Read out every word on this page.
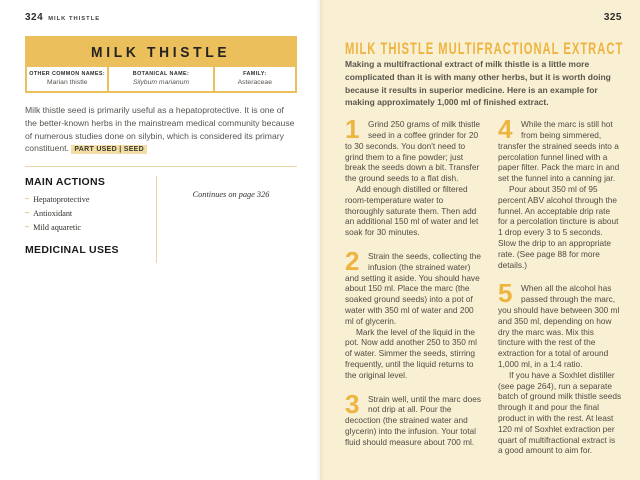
324 MILK THISTLE
MILK THISTLE
OTHER COMMON NAMES:
Marian thistle
BOTANICAL NAME:
Silybum marianum
FAMILY:
Asteraceae

Milk thistle seed is primarily useful as a hepatoprotective. It is one of the better-known herbs in the mainstream medical community because of numerous studies done on silybin, which is considered its primary constituent. PART USED | SEED

MAIN ACTIONS
– Hepatoprotective
– Antioxidant
– Mild aquaretic
MEDICINAL USES

Continues on page 326

325
MILK THISTLE MULTIFRACTIONAL EXTRACT

Making a multifractional extract of milk thistle is a little more complicated than it is with many other herbs, but it is worth doing because it results in superior medicine. Here is an example for making approximately 1,000 ml of finished extract.

1	Grind 250 grams of milk thistle seed in a coffee grinder for 20 to 30 seconds. You don't need to grind them to a fine powder; just break the seeds down a bit. Transfer the ground seeds to a flat dish.

Add enough distilled or filtered room-temperature water to thoroughly saturate them. Then add an additional 150 ml of water and let soak for 30 minutes.

2	Strain the seeds, collecting the infusion (the strained water) and setting it aside. You should have about 150 ml. Place the marc (the soaked ground seeds) into a pot of water with 350 ml of water and 200 ml of glycerin.

Mark the level of the liquid in the pot. Now add another 250 to 350 ml of water. Simmer the seeds, stirring frequently, until the liquid returns to the original level.

3	Strain well, until the marc does not drip at all. Pour the decoction (the strained water and glycerin) into the infusion. Your total fluid should measure about 700 ml.

4	While the marc is still hot from being simmered, transfer the strained seeds into a percolation funnel lined with a paper filter. Pack the marc in and set the funnel into a canning jar.

Pour about 350 ml of 95 percent ABV alcohol through the funnel. An acceptable drip rate for a percolation tincture is about 1 drop every 3 to 5 seconds. Slow the drip to an appropriate rate. (See page 88 for more details.)

5	When all the alcohol has passed through the marc, you should have between 300 ml and 350 ml, depending on how dry the marc was. Mix this tincture with the rest of the extraction for a total of around 1,000 ml, in a 1:4 ratio.

If you have a Soxhlet distiller (see page 264), run a separate batch of ground milk thistle seeds through it and pour the final product in with the rest. At least 120 ml of Soxhlet extraction per quart of multifractional extract is a good amount to aim for.
